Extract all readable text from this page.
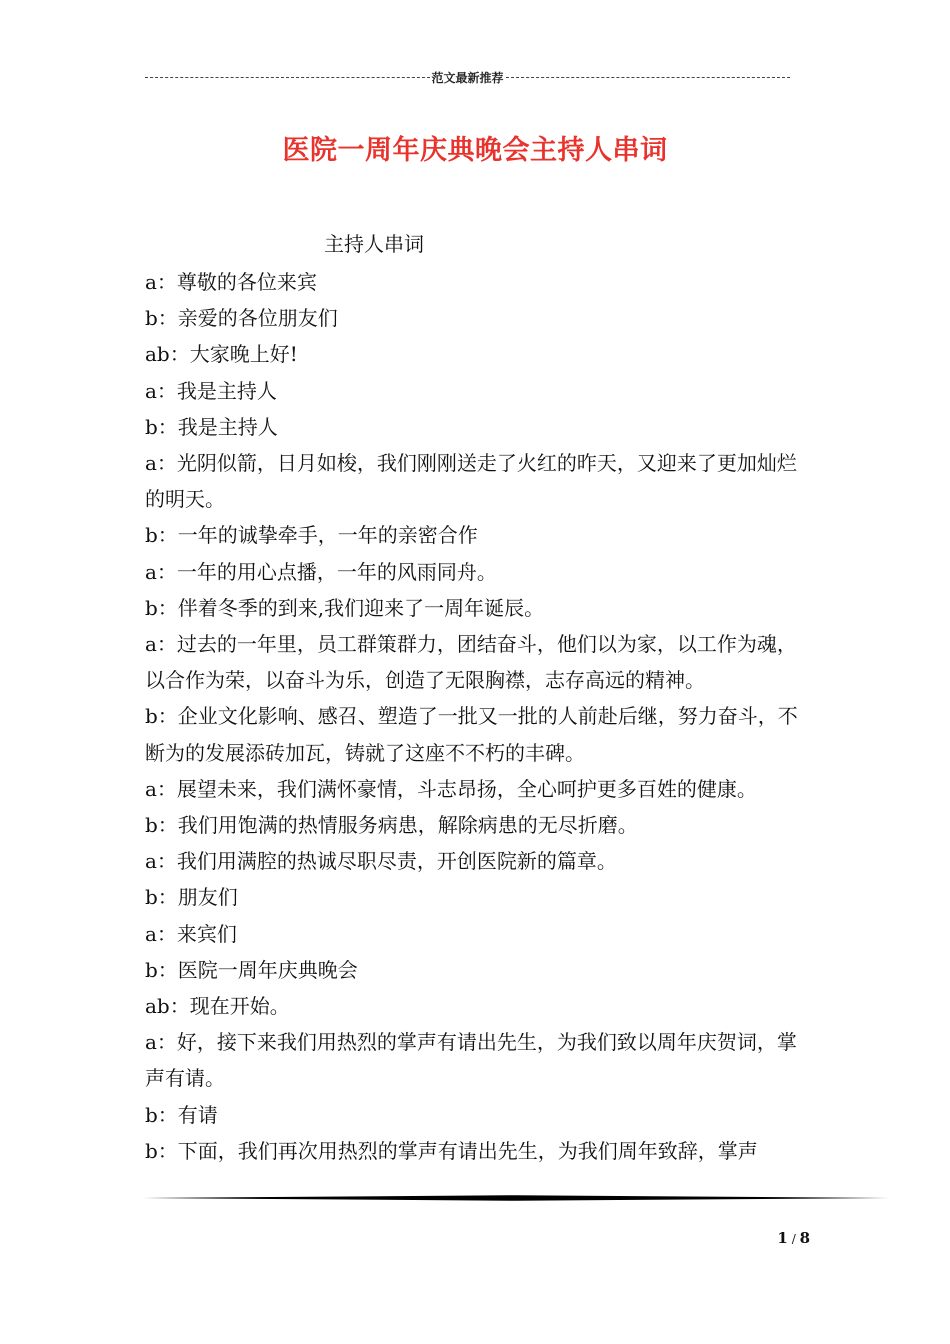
范文最新推荐
医院一周年庆典晚会主持人串词
主持人串词

a：尊敬的各位来宾

b：亲爱的各位朋友们

ab：大家晚上好!

a：我是主持人

b：我是主持人

a：光阴似箭，日月如梭，我们刚刚送走了火红的昨天，又迎来了更加灿烂的明天。

b：一年的诚挚牵手，一年的亲密合作

a：一年的用心点播，一年的风雨同舟。

b：伴着冬季的到来,我们迎来了一周年诞辰。

a：过去的一年里，员工群策群力，团结奋斗，他们以为家，以工作为魂，以合作为荣，以奋斗为乐，创造了无限胸襟，志存高远的精神。

b：企业文化影响、感召、塑造了一批又一批的人前赴后继，努力奋斗，不断为的发展添砖加瓦，铸就了这座不不朽的丰碑。

a：展望未来，我们满怀豪情，斗志昂扬，全心呵护更多百姓的健康。

b：我们用饱满的热情服务病患，解除病患的无尽折磨。

a：我们用满腔的热诚尽职尽责，开创医院新的篇章。

b：朋友们

a：来宾们

b：医院一周年庆典晚会

ab：现在开始。

a：好，接下来我们用热烈的掌声有请出先生，为我们致以周年庆贺词，掌声有请。

b：有请

b：下面，我们再次用热烈的掌声有请出先生，为我们周年致辞，掌声

1 / 8
